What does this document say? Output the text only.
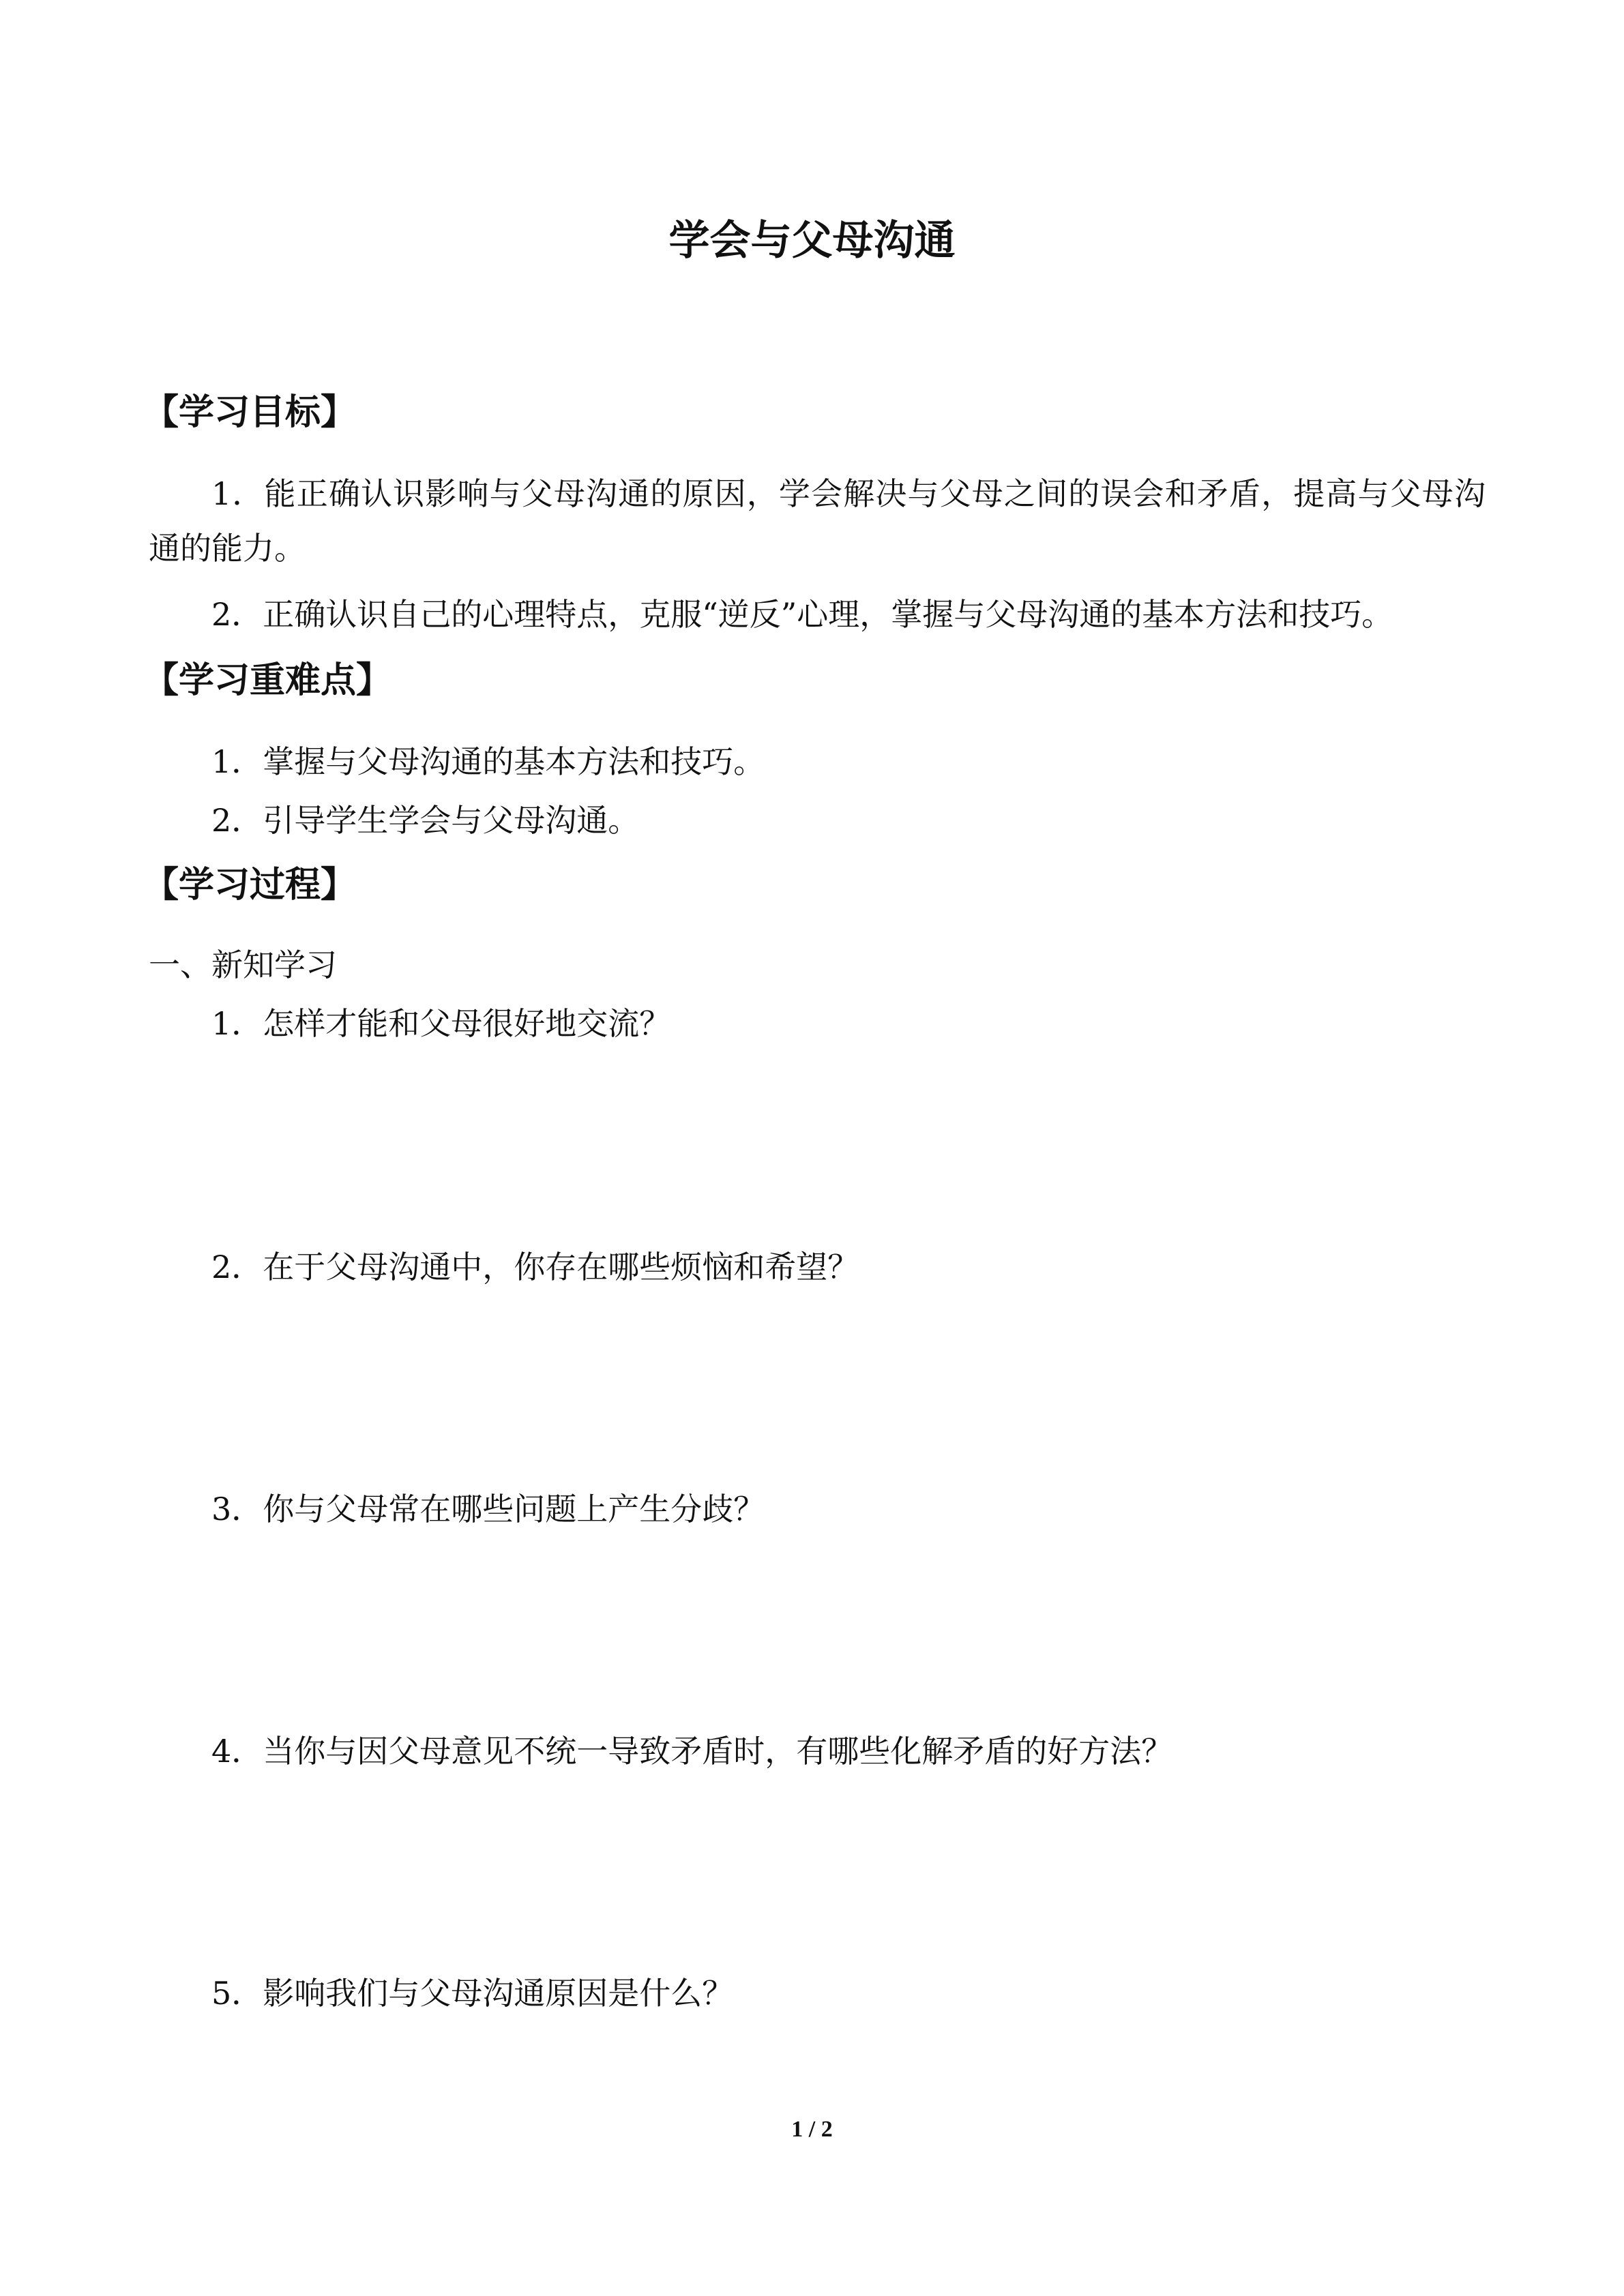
学会与父母沟通
【学习目标】

1．能正确认识影响与父母沟通的原因，学会解决与父母之间的误会和矛盾，提高与父母沟通的能力。

2．正确认识自己的心理特点，克服“逆反”心理，掌握与父母沟通的基本方法和技巧。

【学习重难点】

1．掌握与父母沟通的基本方法和技巧。

2．引导学生学会与父母沟通。

【学习过程】

一、新知学习

1．怎样才能和父母很好地交流？

2．在于父母沟通中，你存在哪些烦恼和希望？

3．你与父母常在哪些问题上产生分歧？

4．当你与因父母意见不统一导致矛盾时，有哪些化解矛盾的好方法？

5．影响我们与父母沟通原因是什么？

1 / 2
